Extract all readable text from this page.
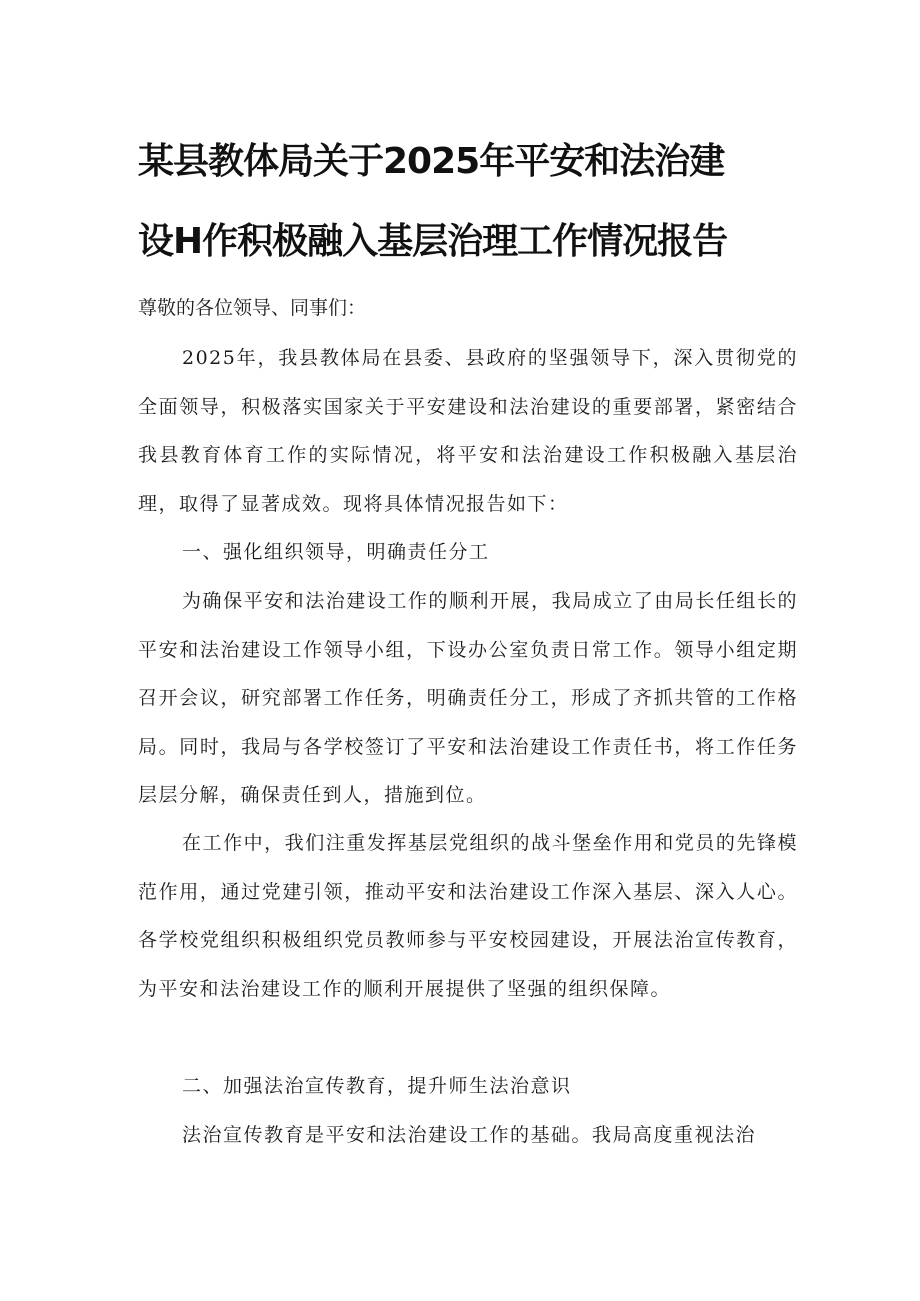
某县教体局关于2025年平安和法治建
设H作积极融入基层治理工作情况报告

尊敬的各位领导、同事们：

2025年，我县教体局在县委、县政府的坚强领导下，深入贯彻党的全面领导，积极落实国家关于平安建设和法治建设的重要部署，紧密结合我县教育体育工作的实际情况，将平安和法治建设工作积极融入基层治理，取得了显著成效。现将具体情况报告如下：

一、强化组织领导，明确责任分工

为确保平安和法治建设工作的顺利开展，我局成立了由局长任组长的平安和法治建设工作领导小组，下设办公室负责日常工作。领导小组定期召开会议，研究部署工作任务，明确责任分工，形成了齐抓共管的工作格局。同时，我局与各学校签订了平安和法治建设工作责任书，将工作任务层层分解，确保责任到人，措施到位。

在工作中，我们注重发挥基层党组织的战斗堡垒作用和党员的先锋模范作用，通过党建引领，推动平安和法治建设工作深入基层、深入人心。各学校党组织积极组织党员教师参与平安校园建设，开展法治宣传教育，为平安和法治建设工作的顺利开展提供了坚强的组织保障。

二、加强法治宣传教育，提升师生法治意识

法治宣传教育是平安和法治建设工作的基础。我局高度重视法治
